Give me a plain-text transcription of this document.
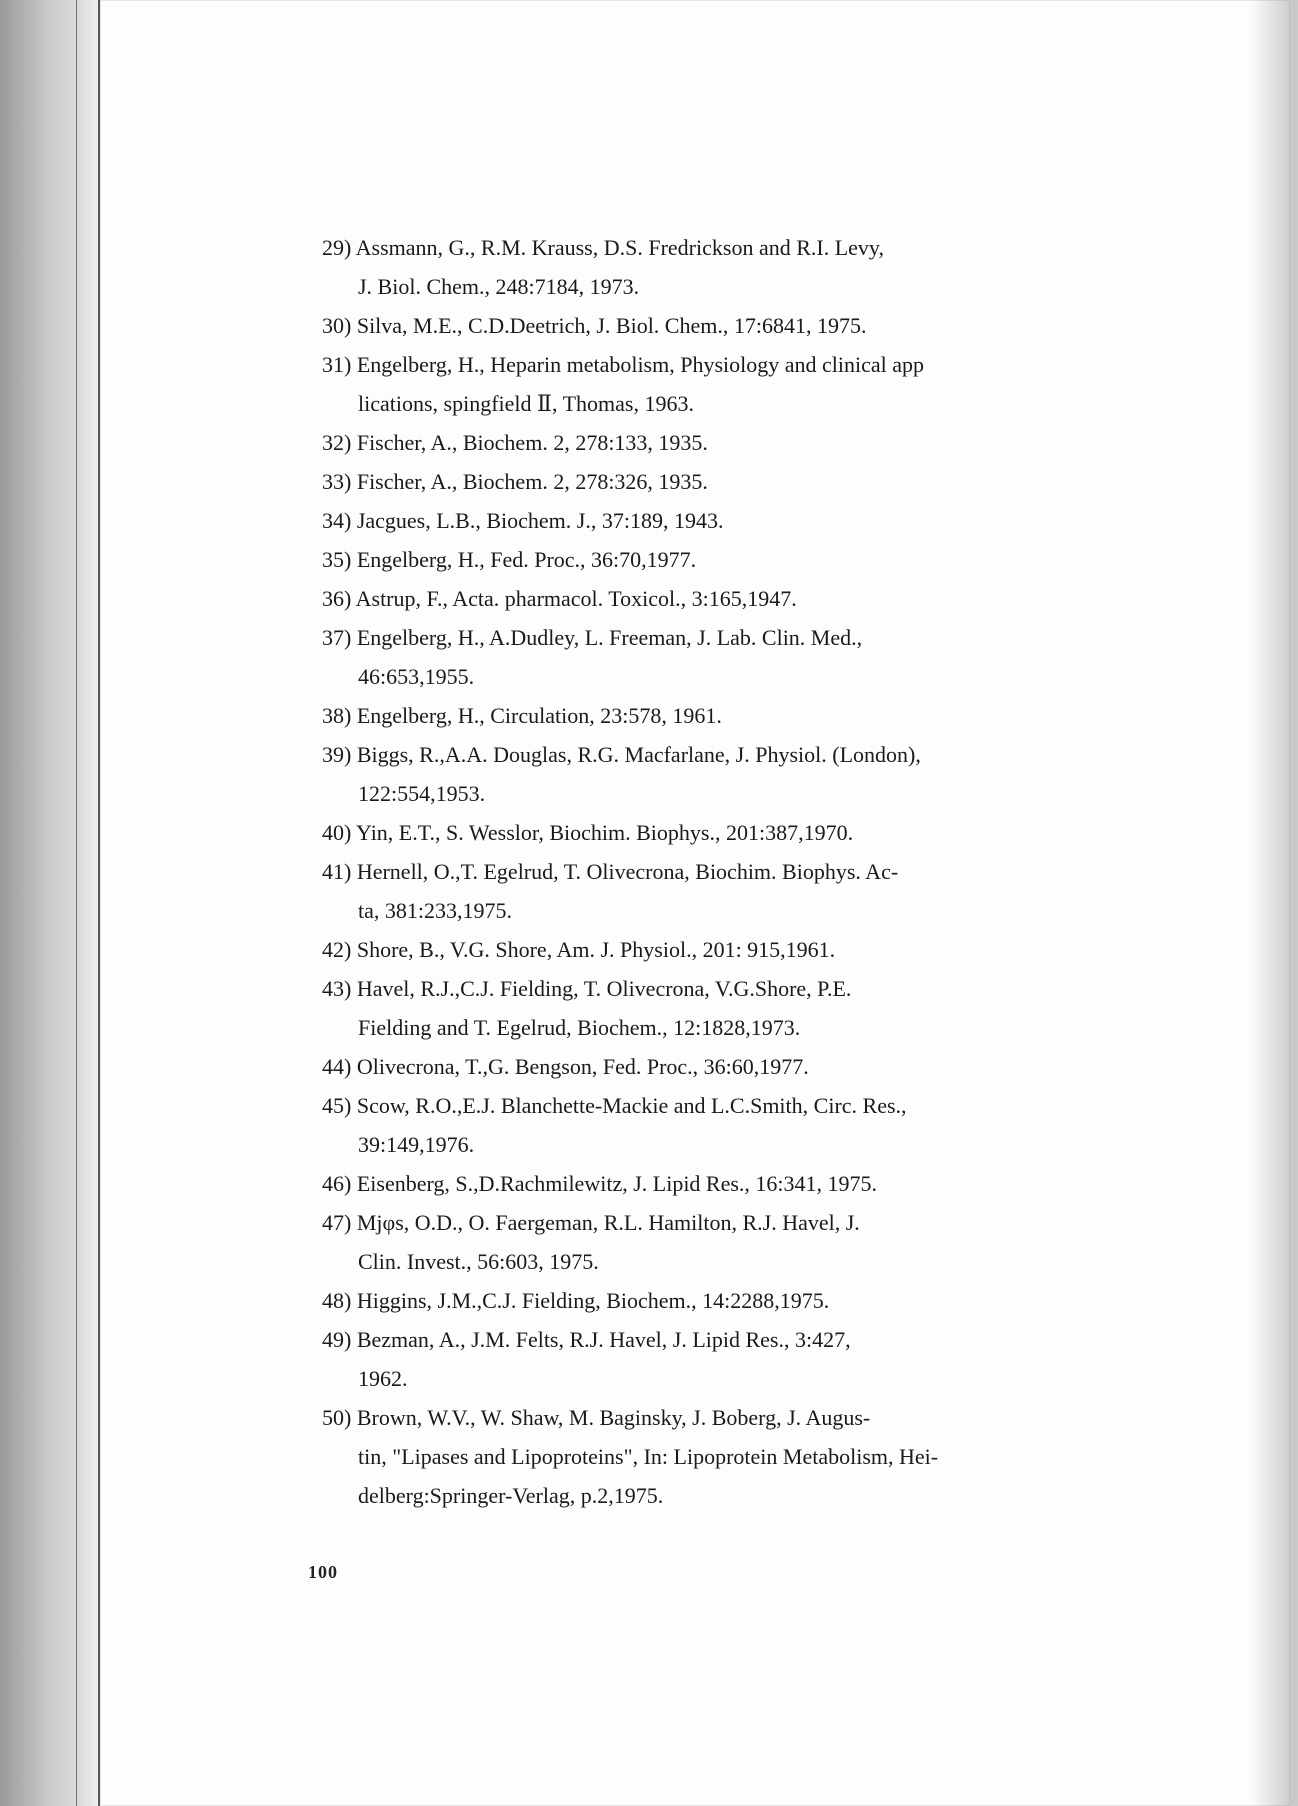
29) Assmann, G., R.M. Krauss, D.S. Fredrickson and R.I. Levy,
J. Biol. Chem., 248:7184, 1973.
30) Silva, M.E., C.D.Deetrich, J. Biol. Chem., 17:6841, 1975.
31) Engelberg, H., Heparin metabolism, Physiology and clinical app
lications, spingfield Ⅱ, Thomas, 1963.
32) Fischer, A., Biochem. 2, 278:133, 1935.
33) Fischer, A., Biochem. 2, 278:326, 1935.
34) Jacgues, L.B., Biochem. J., 37:189, 1943.
35) Engelberg, H., Fed. Proc., 36:70,1977.
36) Astrup, F., Acta. pharmacol. Toxicol., 3:165,1947.
37) Engelberg, H., A.Dudley, L. Freeman, J. Lab. Clin. Med.,
46:653,1955.
38) Engelberg, H., Circulation, 23:578, 1961.
39) Biggs, R.,A.A. Douglas, R.G. Macfarlane, J. Physiol. (London),
122:554,1953.
40) Yin, E.T., S. Wesslor, Biochim. Biophys., 201:387,1970.
41) Hernell, O.,T. Egelrud, T. Olivecrona, Biochim. Biophys. Ac-
ta, 381:233,1975.
42) Shore, B., V.G. Shore, Am. J. Physiol., 201: 915,1961.
43) Havel, R.J.,C.J. Fielding, T. Olivecrona, V.G.Shore, P.E.
Fielding and T. Egelrud, Biochem., 12:1828,1973.
44) Olivecrona, T.,G. Bengson, Fed. Proc., 36:60,1977.
45) Scow, R.O.,E.J. Blanchette-Mackie and L.C.Smith, Circ. Res.,
39:149,1976.
46) Eisenberg, S.,D.Rachmilewitz, J. Lipid Res., 16:341, 1975.
47) Mjφs, O.D., O. Faergeman, R.L. Hamilton, R.J. Havel, J.
Clin. Invest., 56:603, 1975.
48) Higgins, J.M.,C.J. Fielding, Biochem., 14:2288,1975.
49) Bezman, A., J.M. Felts, R.J. Havel, J. Lipid Res., 3:427,
1962.
50) Brown, W.V., W. Shaw, M. Baginsky, J. Boberg, J. Augus-
tin, "Lipases and Lipoproteins", In: Lipoprotein Metabolism, Hei-
delberg:Springer-Verlag, p.2,1975.
100
